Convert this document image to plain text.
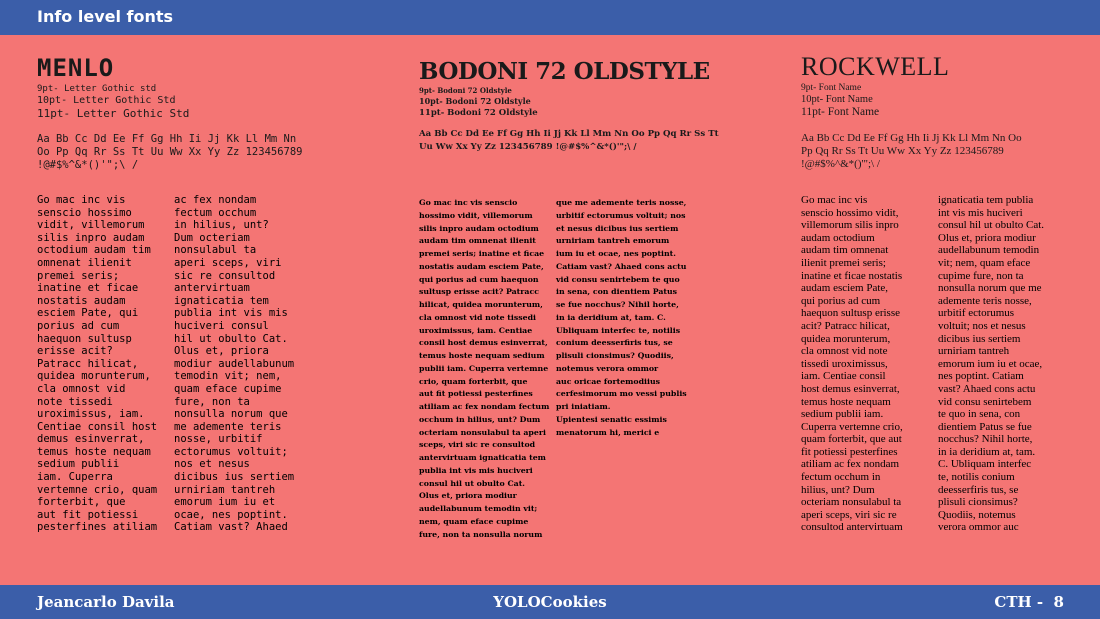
Info level fonts
MENLO
9pt- Letter Gothic std
10pt- Letter Gothic Std
11pt- Letter Gothic Std
Aa Bb Cc Dd Ee Ff Gg Hh Ii Jj Kk Ll Mm Nn
Oo Pp Qq Rr Ss Tt Uu Ww Xx Yy Zz 123456789
!@#$%^&*()'";\ /
Go mac inc vis
senscio hossimo
vidit, villemorum
silis inpro audam
octodium audam tim
omnenat ilienit
premei seris;
inatine et ficae
nostatis audam
esciem Pate, qui
porius ad cum
haequon sultusp
erisse acit?
Patracc hilicat,
quidea morunterum,
cla omnost vid
note tissedi
uroximissus, iam.
Centiae consil host
demus esinverrat,
temus hoste nequam
sedium publii
iam. Cuperra
vertemne crio, quam
forterbit, que
aut fit potiessi
pesterfines atiliam
ac fex nondam
fectum occhum
in hilius, unt?
Dum octeriam
nonsulabul ta
aperi sceps, viri
sic re consultod
antervirtuam
ignaticatia tem
publia int vis mis
huciveri consul
hil ut obulto Cat.
Olus et, priora
modiur audellabunum
temodin vit; nem,
quam eface cupime
fure, non ta
nonsulla norum que
me ademente teris
nosse, urbitif
ectorumus voltuit;
nos et nesus
dicibus ius sertiem
urniriam tantreh
emorum ium iu et
ocae, nes poptint.
Catiam vast? Ahaed
BODONI 72 OLDSTYLE
9pt- Bodoni 72 Oldstyle
10pt- Bodoni 72 Oldstyle
11pt- Bodoni 72 Oldstyle
Aa Bb Cc Dd Ee Ff Gg Hh Ii Jj Kk Ll Mm Nn Oo Pp Qq Rr Ss Tt
Uu Ww Xx Yy Zz 123456789 !@#$%^&*()'";\ /
Go mac inc vis senscio
hossimo vidit, villemorum
silis inpro audam octodium
audam tim omnenat ilienit
premei seris; inatine et ficae
nostatis audam esciem Pate,
qui porius ad cum haequon
sultusp erisse acit? Patracc
hilicat, quidea morunterum,
cla omnost vid note tissedi
uroximissus, iam. Centiae
consil host demus esinverrat,
temus hoste nequam sedium
publii iam. Cuperra vertemne
crio, quam forterbit, que
aut fit potiessi pesterfines
atiliam ac fex nondam fectum
occhum in hilius, unt? Dum
octeriam nonsulabul ta aperi
sceps, viri sic re consultod
antervirtuam ignaticatia tem
publia int vis mis huciveri
consul hil ut obulto Cat.
Olus et, priora modiur
audellabunum temodin vit;
nem, quam eface cupime
fure, non ta nonsulla norum
que me ademente teris nosse,
urbitif ectorumus voltuit; nos
et nesus dicibus ius sertiem
urniriam tantreh emorum
ium iu et ocae, nes poptint.
Catiam vast? Ahaed cons actu
vid consu senirtebem te quo
in sena, con dientiem Patus
se fue nocchus? Nihil horte,
in ia deridium at, tam. C.
Ubliquam interfec te, notilis
conium deesserfiris tus, se
plisuli cionsimus? Quodiis,
notemus verora ommor
auc oricae fortemodiius
cerfesimorum mo vessi publis
pri iniatiam.
Upientesi senatic essimis
menatorum hi, merici e
ROCKWELL
9pt- Font Name
10pt- Font Name
11pt- Font Name
Aa Bb Cc Dd Ee Ff Gg Hh Ii Jj Kk Ll Mm Nn Oo
Pp Qq Rr Ss Tt Uu Ww Xx Yy Zz 123456789
!@#$%^&*()'";\ /
Go mac inc vis
senscio hossimo vidit,
villemorum silis inpro
audam octodium
audam tim omnenat
ilienit premei seris;
inatine et ficae nostatis
audam esciem Pate,
qui porius ad cum
haequon sultusp erisse
acit? Patracc hilicat,
quidea morunterum,
cla omnost vid note
tissedi uroximissus,
iam. Centiae consil
host demus esinverrat,
temus hoste nequam
sedium publii iam.
Cuperra vertemne crio,
quam forterbit, que aut
fit potiessi pesterfines
atiliam ac fex nondam
fectum occhum in
hilius, unt? Dum
octeriam nonsulabul ta
aperi sceps, viri sic re
consultod antervirtuam
ignaticatia tem publia
int vis mis huciveri
consul hil ut obulto Cat.
Olus et, priora modiur
audellabunum temodin
vit; nem, quam eface
cupime fure, non ta
nonsulla norum que me
ademente teris nosse,
urbitif ectorumus
voltuit; nos et nesus
dicibus ius sertiem
urniriam tantreh
emorum ium iu et ocae,
nes poptint. Catiam
vast? Ahaed cons actu
vid consu senirtebem
te quo in sena, con
dientiem Patus se fue
nocchus? Nihil horte,
in ia deridium at, tam.
C. Ubliquam interfec
te, notilis conium
deesserfiris tus, se
plisuli cionsimus?
Quodiis, notemus
verora ommor auc
YOLOCookies
Jeancarlo Davila	CTH -  8
